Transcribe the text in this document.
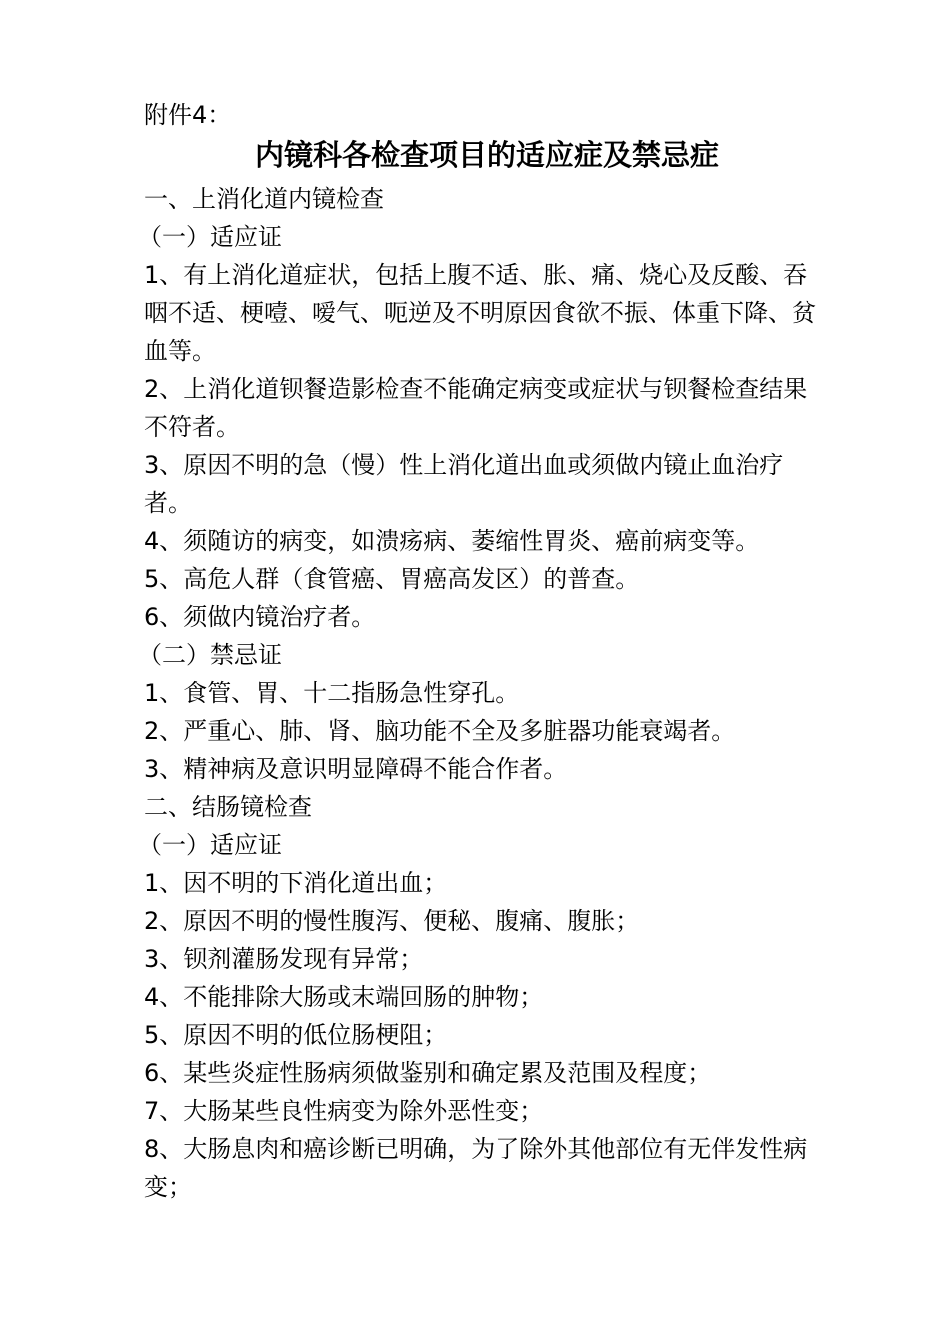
附件4：

内镜科各检查项目的适应症及禁忌症

一、上消化道内镜检查

（一）适应证

1、有上消化道症状，包括上腹不适、胀、痛、烧心及反酸、吞咽不适、梗噎、嗳气、呃逆及不明原因食欲不振、体重下降、贫血等。

2、上消化道钡餐造影检查不能确定病变或症状与钡餐检查结果不符者。

3、原因不明的急（慢）性上消化道出血或须做内镜止血治疗者。

4、须随访的病变，如溃疡病、萎缩性胃炎、癌前病变等。

5、高危人群（食管癌、胃癌高发区）的普查。

6、须做内镜治疗者。

（二）禁忌证

1、食管、胃、十二指肠急性穿孔。

2、严重心、肺、肾、脑功能不全及多脏器功能衰竭者。

3、精神病及意识明显障碍不能合作者。

二、结肠镜检查

（一）适应证

1、因不明的下消化道出血；

2、原因不明的慢性腹泻、便秘、腹痛、腹胀；

3、钡剂灌肠发现有异常；

4、不能排除大肠或末端回肠的肿物；

5、原因不明的低位肠梗阻；

6、某些炎症性肠病须做鉴别和确定累及范围及程度；

7、大肠某些良性病变为除外恶性变；

8、大肠息肉和癌诊断已明确，为了除外其他部位有无伴发性病变；
